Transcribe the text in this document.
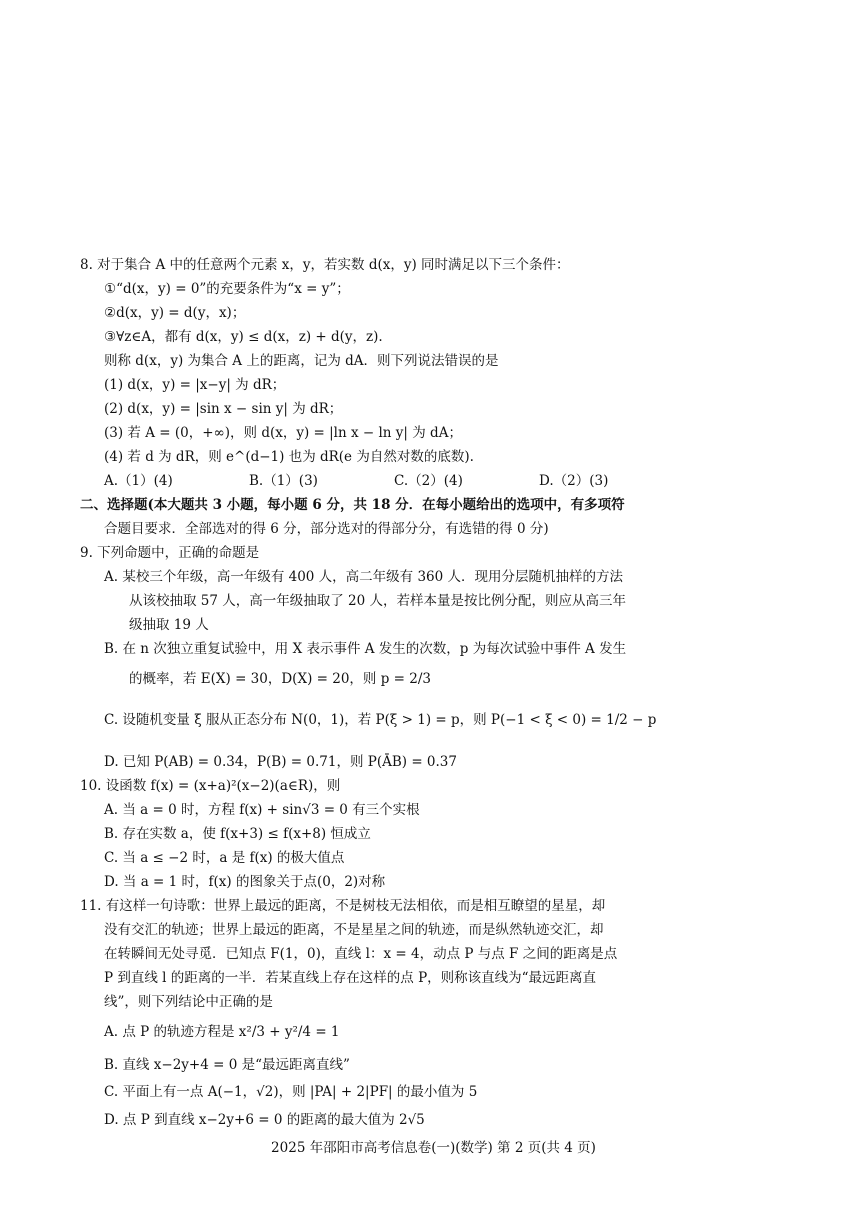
8. 对于集合 A 中的任意两个元素 x，y，若实数 d(x，y) 同时满足以下三个条件：
①“d(x，y) = 0”的充要条件为“x = y”；
②d(x，y) = d(y，x)；
③∀z∈A，都有 d(x，y) ≤ d(x，z) + d(y，z).
则称 d(x，y) 为集合 A 上的距离，记为 dA．则下列说法错误的是
(1) d(x，y) = |x−y| 为 dR；
(2) d(x，y) = |sin x − sin y| 为 dR；
(3) 若 A = (0，+∞)，则 d(x，y) = |ln x − ln y| 为 dA；
(4) 若 d 为 dR，则 e^(d−1) 也为 dR(e 为自然对数的底数).
A.（1）(4)	B.（1）(3)	C.（2）(4)	D.（2）(3)
二、选择题(本大题共 3 小题，每小题 6 分，共 18 分．在每小题给出的选项中，有多项符
合题目要求．全部选对的得 6 分，部分选对的得部分分，有选错的得 0 分)
9. 下列命题中，正确的命题是
A. 某校三个年级，高一年级有 400 人，高二年级有 360 人．现用分层随机抽样的方法
从该校抽取 57 人，高一年级抽取了 20 人，若样本量是按比例分配，则应从高三年
级抽取 19 人
B. 在 n 次独立重复试验中，用 X 表示事件 A 发生的次数，p 为每次试验中事件 A 发生
的概率，若 E(X) = 30，D(X) = 20，则 p = 2/3
C. 设随机变量 ξ 服从正态分布 N(0，1)，若 P(ξ > 1) = p，则 P(−1 < ξ < 0) = 1/2 − p
D. 已知 P(AB) = 0.34，P(B) = 0.71，则 P(ĀB) = 0.37
10. 设函数 f(x) = (x+a)²(x−2)(a∈R)，则
A. 当 a = 0 时，方程 f(x) + sin√3 = 0 有三个实根
B. 存在实数 a，使 f(x+3) ≤ f(x+8) 恒成立
C. 当 a ≤ −2 时，a 是 f(x) 的极大值点
D. 当 a = 1 时，f(x) 的图象关于点(0，2)对称
11. 有这样一句诗歌：世界上最远的距离，不是树枝无法相依，而是相互瞭望的星星，却
没有交汇的轨迹；世界上最远的距离，不是星星之间的轨迹，而是纵然轨迹交汇，却
在转瞬间无处寻觅．已知点 F(1，0)，直线 l：x = 4，动点 P 与点 F 之间的距离是点
P 到直线 l 的距离的一半．若某直线上存在这样的点 P，则称该直线为“最远距离直
线”，则下列结论中正确的是
A. 点 P 的轨迹方程是 x²/3 + y²/4 = 1
B. 直线 x−2y+4 = 0 是“最远距离直线”
C. 平面上有一点 A(−1，√2)，则 |PA| + 2|PF| 的最小值为 5
D. 点 P 到直线 x−2y+6 = 0 的距离的最大值为 2√5
2025 年邵阳市高考信息卷(一)(数学) 第 2 页(共 4 页)
